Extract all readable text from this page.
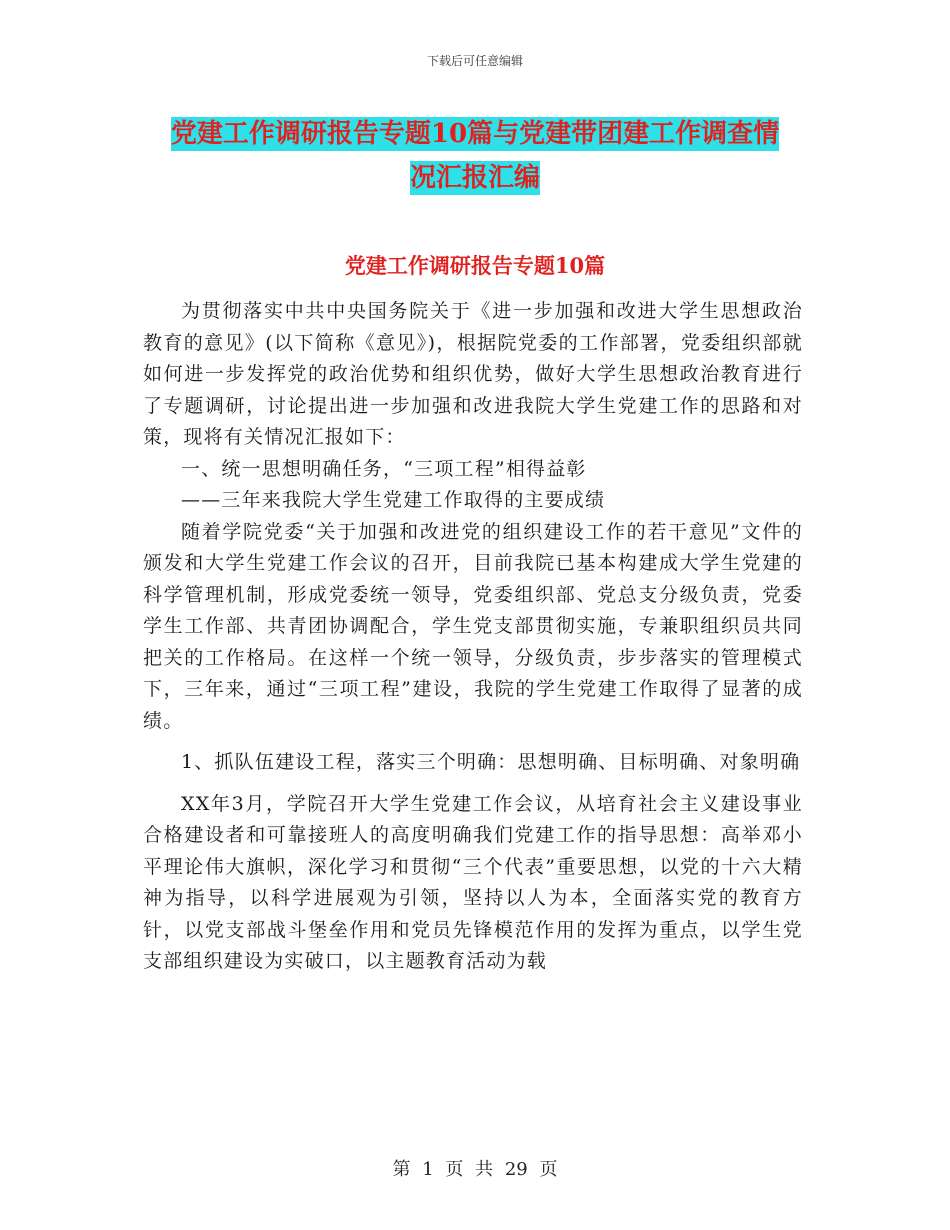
下载后可任意编辑
党建工作调研报告专题10篇与党建带团建工作调查情
况汇报汇编
党建工作调研报告专题10篇

为贯彻落实中共中央国务院关于《进一步加强和改进大学生思想政治教育的意见》(以下简称《意见》)，根据院党委的工作部署，党委组织部就如何进一步发挥党的政治优势和组织优势，做好大学生思想政治教育进行了专题调研，讨论提出进一步加强和改进我院大学生党建工作的思路和对策，现将有关情况汇报如下：

一、统一思想明确任务，“三项工程”相得益彰

——三年来我院大学生党建工作取得的主要成绩

随着学院党委“关于加强和改进党的组织建设工作的若干意见”文件的颁发和大学生党建工作会议的召开，目前我院已基本构建成大学生党建的科学管理机制，形成党委统一领导，党委组织部、党总支分级负责，党委学生工作部、共青团协调配合，学生党支部贯彻实施，专兼职组织员共同把关的工作格局。在这样一个统一领导，分级负责，步步落实的管理模式下，三年来，通过“三项工程”建设，我院的学生党建工作取得了显著的成绩。

1、抓队伍建设工程，落实三个明确：思想明确、目标明确、对象明确

XX年3月，学院召开大学生党建工作会议，从培育社会主义建设事业合格建设者和可靠接班人的高度明确我们党建工作的指导思想：高举邓小平理论伟大旗帜，深化学习和贯彻“三个代表”重要思想，以党的十六大精神为指导，以科学进展观为引领，坚持以人为本，全面落实党的教育方针，以党支部战斗堡垒作用和党员先锋模范作用的发挥为重点，以学生党支部组织建设为实破口，以主题教育活动为载

第 1 页 共 29 页
